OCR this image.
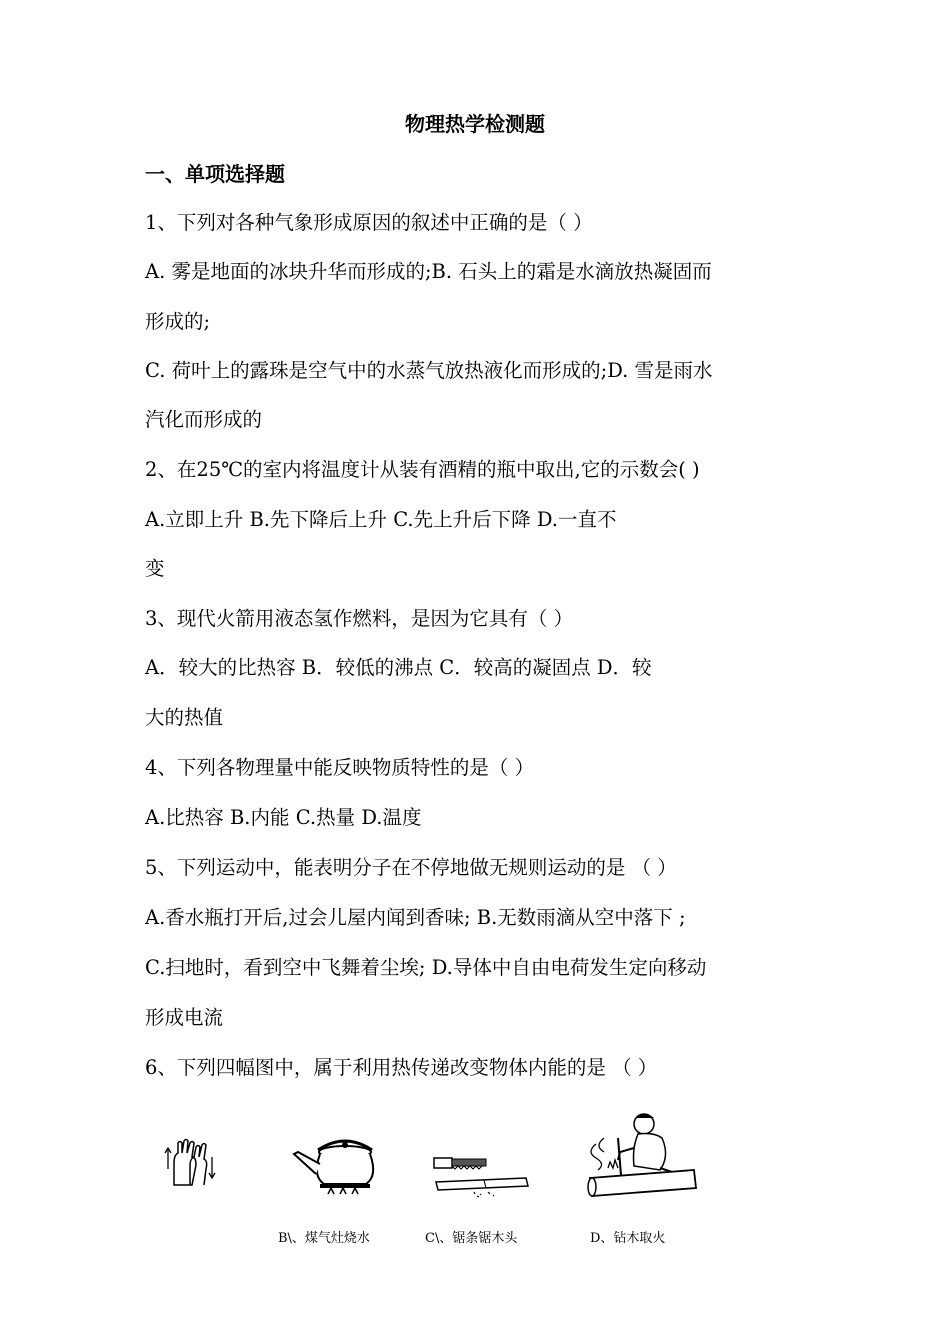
物理热学检测题
一、单项选择题
1、下列对各种气象形成原因的叙述中正确的是（ ）
A. 雾是地面的冰块升华而形成的;B. 石头上的霜是水滴放热凝固而
形成的;
C. 荷叶上的露珠是空气中的水蒸气放热液化而形成的;D. 雪是雨水
汽化而形成的
2、在25℃的室内将温度计从装有酒精的瓶中取出,它的示数会( )
A.立即上升 B.先下降后上升 C.先上升后下降 D.一直不
变
3、现代火箭用液态氢作燃料，是因为它具有（ ）
A．较大的比热容 B．较低的沸点 C．较高的凝固点 D．较
大的热值
4、下列各物理量中能反映物质特性的是（ ）
A.比热容 B.内能 C.热量 D.温度
5、下列运动中，能表明分子在不停地做无规则运动的是 （ ）
A.香水瓶打开后,过会儿屋内闻到香味; B.无数雨滴从空中落下 ;
C.扫地时，看到空中飞舞着尘埃; D.导体中自由电荷发生定向移动
形成电流
6、下列四幅图中，属于利用热传递改变物体内能的是 （ ）
B\、煤气灶烧水	C\、锯条锯木头	D、钻木取火
